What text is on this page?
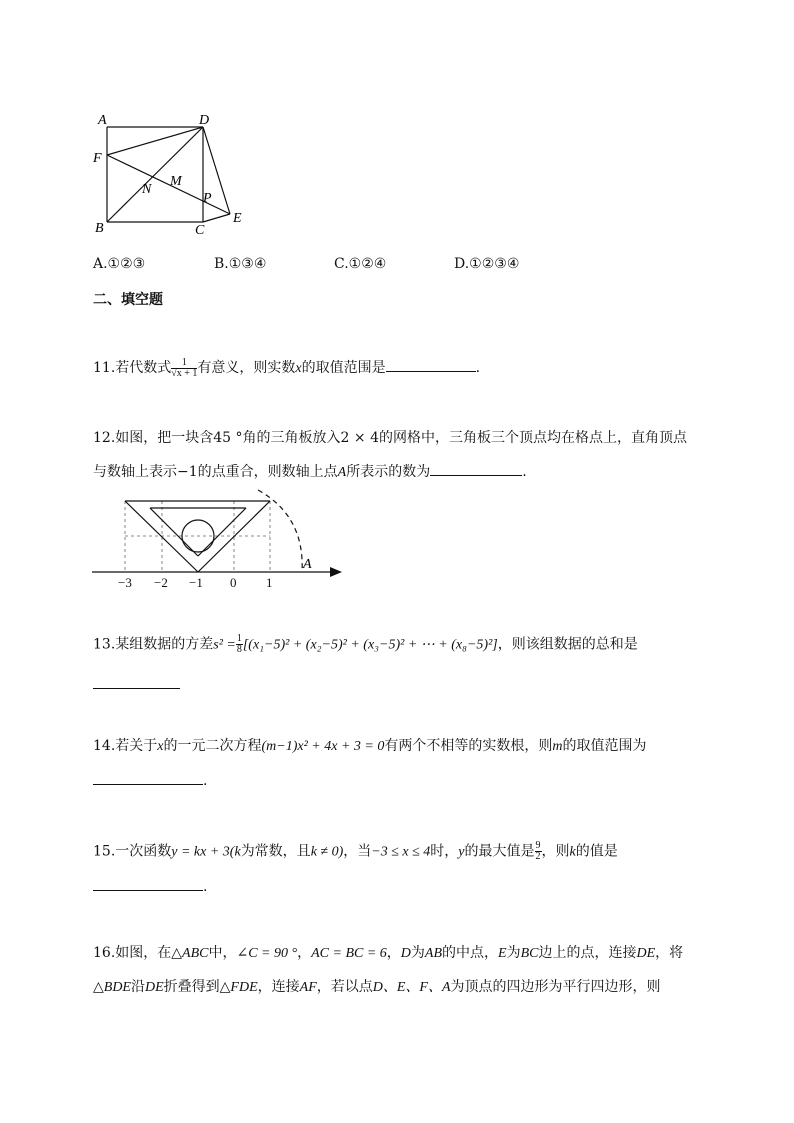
A	D
F
N
M
P
B	C
E
A.①②③	B.①③④	C.①②④	D.①②③④
二、填空题
11.若代数式 $\frac{1}{√x + 1}$ 有意义，则实数x的取值范围是	.
12.如图，把一块含45 °角的三角板放入2 × 4的网格中，三角板三个顶点均在格点上，直角顶点
与数轴上表示−1的点重合，则数轴上点A所表示的数为	.
A
−3 −2 −1 0 1
13.某组数据的方差$s^2 = \frac{1}{8} [(x_1-5)^2 + (x_2-5)^2 + (x_3-5)^2$ + ⋯ + (x₈−5)²]，则该组数据的总和是
14.若关于x的一元二次方程(m−1)x² + 4x + 3 = 0有两个不相等的实数根，则m的取值范围为
.
15.一次函数y = kx + 3(k为常数，且k ≠ 0)，当−3 ≤ x ≤ 4时，y的最大值是 $\frac{9}{2}$ ，则k的值是
.
16.如图，在△ABC中，∠C = 90 °，AC = BC = 6，D为AB的中点，E为BC边上的点，连接DE，将
△BDE沿DE折叠得到△FDE，连接AF，若以点D、E、F、A为顶点的四边形为平行四边形，则
